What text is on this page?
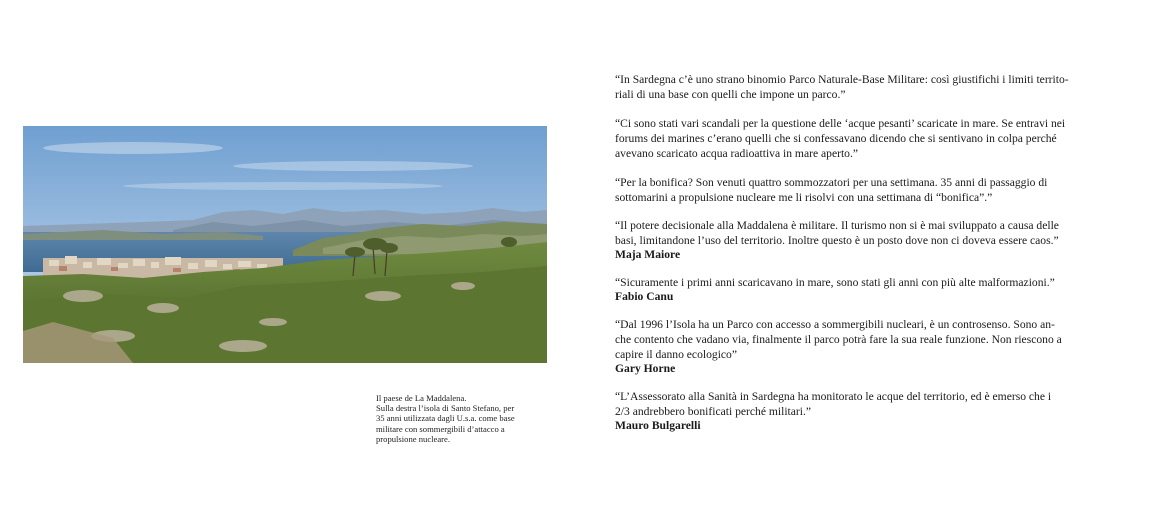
Il paese de La Maddalena.
Sulla destra l’isola di Santo Stefano, per
35 anni utilizzata dagli U.s.a. come base
militare con sommergibili d’attacco a
propulsione nucleare.
“In Sardegna c’è uno strano binomio Parco Naturale-Base Militare: così giustifichi i limiti territo-
riali di una base con quelli che impone un parco.”
“Ci sono stati vari scandali per la questione delle ‘acque pesanti’ scaricate in mare. Se entravi nei
forums dei marines c’erano quelli che si confessavano dicendo che si sentivano in colpa perché
avevano scaricato acqua radioattiva in mare aperto.”
“Per la bonifica? Son venuti quattro sommozzatori per una settimana. 35 anni di passaggio di
sottomarini a propulsione nucleare me li risolvi con una settimana di “bonifica”.”
“Il potere decisionale alla Maddalena è militare. Il turismo non si è mai sviluppato a causa delle
basi, limitandone l’uso del territorio. Inoltre questo è un posto dove non ci doveva essere caos.”
Maja Maiore
“Sicuramente i primi anni scaricavano in mare, sono stati gli anni con più alte malformazioni.”
Fabio Canu
“Dal 1996 l’Isola ha un Parco con accesso a sommergibili nucleari, è un controsenso. Sono an-
che contento che vadano via, finalmente il parco potrà fare la sua reale funzione. Non riescono a
capire il danno ecologico”
Gary Horne
“L’Assessorato alla Sanità in Sardegna ha monitorato le acque del territorio, ed è emerso che i
2/3 andrebbero bonificati perché militari.”
Mauro Bulgarelli
